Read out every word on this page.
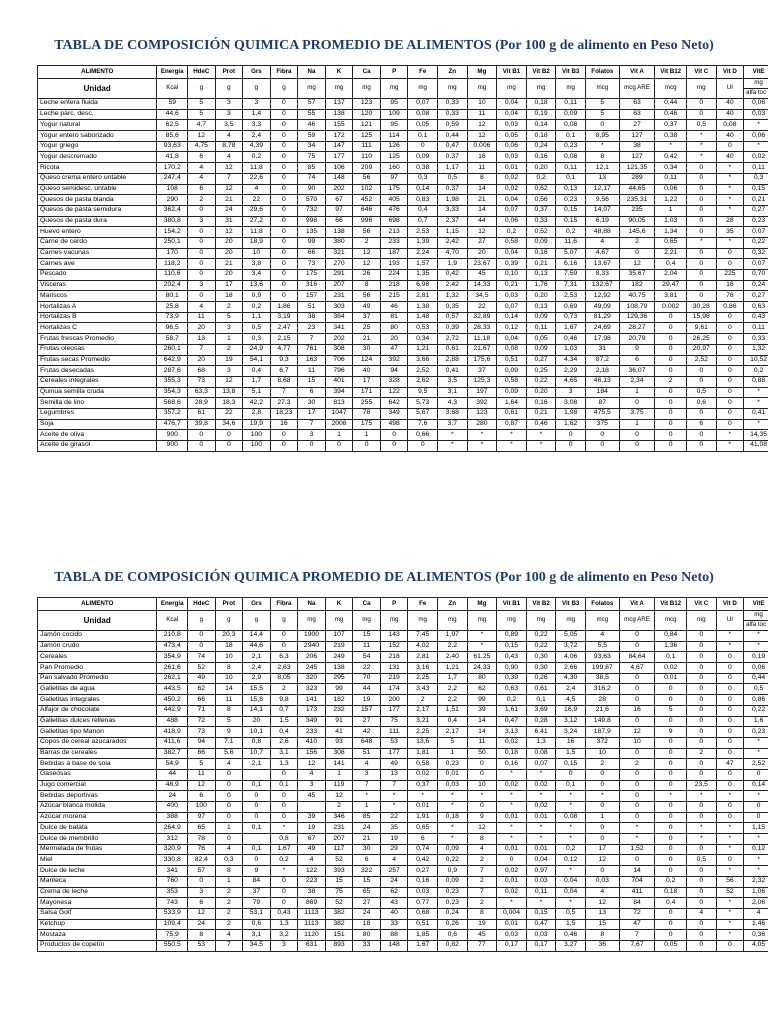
TABLA DE COMPOSICIÓN QUIMICA PROMEDIO DE ALIMENTOS (Por 100 g de alimento en Peso Neto)
ALIMENTO	Energía	HdeC	Prot	Grs	Fibra	Na	K	Ca	P	Fe	Zn	Mg	Vit B1	Vit B2	Vit B3	Folatos	Vit A	Vit B12	Vit C	Vit D	VitE
Unidad	Kcal	g	g	g	g	mg	mg	mg	mg	mg	mg	mg	mg	mg	mg	mcg	mcg ARE	mcg	mg	UI	mg
																					alfa toc
Leche entera fluida	59	5	3	3	0	57	137	123	95	0,07	0,33	10	0,04	0,18	0,11	5	63	0,44	0	40	0,06
Leche parc. desc.	44,6	5	3	1,4	0	55	138	120	109	0,08	0,33	11	0,04	0,19	0,09	5	63	0,46	0	40	0,03
Yogur natural	62,5	4,7	3,5	3,3	0	46	155	121	95	0,05	0,59	12	0,03	0,14	0,08	0	27	0,37	0,5	0,08	*
Yogur entero saborizado	85,6	12	4	2,4	0	59	172	125	114	0,1	0,44	12	0,05	0,18	0,1	8,95	127	0,38	*	40	0,06
Yogur griego	93,63	4,75	8,78	4,39	0	34	147	111	126	0	0,47	0,006	0,06	0,24	0,23	*	38	*	*	0	*
Yogur descremado	41,8	6	4	0,2	0	75	177	110	125	0,09	0,37	16	0,03	0,16	0,08	8	127	0,42	*	40	0,02
Ricota	170,2	4	12	11,8	0	85	106	209	160	0,38	1,17	11	0,01	0,20	0,11	12,1	121,35	0,34	0	*	0,11
Queso crema entero untable	247,4	4	7	22,6	0	74	148	56	97	0,3	0,5	8	0,02	0,2	0,1	13	289	0,11	0	*	0,3
Queso semidesc. untable	108	6	12	4	0	90	202	102	175	0,14	0,37	14	0,02	0,62	0,13	12,17	44,65	0,06	0	*	0,15
Quesos de pasta blanda	290	2	21	22	0	570	67	452	405	0,83	1,98	21	0,04	0,56	0,23	9,56	235,31	1,22	0	*	0,21
Quesos de pasta semidura	362,4	0	24	29,6	0	732	97	646	476	0,4	3,33	14	0,07	0,37	0,15	14,07	235	1	0	*	0,27
Quesos de pasta dura	380,8	3	31	27,2	0	998	66	996	698	0,7	2,37	44	0,06	0,33	0,15	6,19	90,05	1,03	0	28	0,23
Huevo entero	154,2	0	12	11,8	0	135	138	56	213	2,53	1,15	12	0,2	0,52	0,2	48,88	145,6	1,34	0	35	0,07
Carne de cerdo	250,1	0	20	18,9	0	99	380	2	233	1,39	2,42	27	0,58	0,09	11,6	4	2	0,65	*	*	0,22
Carnes vacunas	170	0	20	10	0	66	321	12	187	2,24	4,70	20	0,04	0,16	5,07	4,67	0	2,21	0	0	0,32
Carnes ave	118,2	0	21	3,8	0	73	270	12	193	1,57	1,9	23,67	0,39	0,21	6,16	13,67	12	0,4	0	0	0,07
Pescado	110,6	0	20	3,4	0	175	291	26	224	1,35	0,42	45	0,10	0,13	7,59	8,33	35,67	2,04	0	225	0,70
Visceras	202,4	3	17	13,6	0	316	207	8	218	6,98	2,42	14,33	0,21	1,76	7,31	132,67	182	29,47	0	16	0,24
Mariscos	80,1	0	18	0,9	0	157	231	56	215	2,81	1,32	34,5	0,03	0,20	2,53	12,92	40,75	3,81	0	76	0,27
Hortalizas A	25,8	4	2	0,2	1,86	51	303	49	46	1,38	0,35	22	0,07	0,13	0,69	49,09	108,79	0,002	30,28	0,86	0,63
Hortalizas B	73,9	11	5	1,1	3,19	38	364	37	81	1,48	0,57	32,89	0,14	0,09	0,73	81,29	129,36	0	15,98	0	0,43
Hortalizas C	96,5	20	3	0,5	2,47	23	341	25	80	0,53	0,39	28,33	0,12	0,11	1,67	24,69	28,27	0	9,61	0	0,11
Frutas frescas Promedio	58,7	13	1	0,3	2,15	7	202	21	20	0,34	2,72	11,18	0,04	0,05	0,46	17,98	20,79	0	26,25	0	0,33
Frutas oleosas	260,1	7	2	24,9	4,77	761	308	30	47	1,21	0,61	21,67	0,08	0,09	1,03	31	9	0	20,97	0	1,32
Frutas secas Promedio	642,9	20	19	54,1	9,3	163	706	124	392	3,66	2,88	175,6	0,51	0,27	4,34	87,2	6	0	2,52	0	10,52
Frutas desecadas	287,6	68	3	0,4	6,7	11	796	40	94	2,52	0,41	37	0,09	0,25	2,29	2,18	36,07	0	0	0	0,2
Cereales integrales	355,3	73	12	1,7	8,68	15	401	17	328	2,62	3,5	125,3	0,58	0,22	4,65	46,13	2,34	2	0	0	0,88
Quinua semilla cruda	354,3	63,3	13,8	5,1	7	6	394	171	122	9,5	3,1	197	0,09	0,20	3	184	1	0	0,5	0	*
Semilla de lino	568,6	28,9	18,3	42,2	27,3	30	813	255	642	5,73	4,3	392	1,64	0,16	3,08	87	0	0	0,6	0	*
Legumbres	357,2	61	22	2,8	18,23	17	1047	78	349	5,67	3,68	123	0,61	0,21	1,98	475,5	3,75	0	0	0	0,41
Soja	476,7	39,8	34,6	19,9	16	7	2008	175	498	7,6	3,7	280	0,87	0,46	1,62	375	1	0	6	0	*
Aceite de oliva	900	0	0	100	0	3	1	1	0	0,66	*	*	*	*	0	0	0	0	0	*	14,35
Aceite de girasol	900	0	0	100	0	0	0	0	0	0	*	*	*	*	0	0	0	0	0	*	41,08
TABLA DE COMPOSICIÓN QUIMICA PROMEDIO DE ALIMENTOS (Por 100 g de alimento en Peso Neto)
ALIMENTO	Energía	HdeC	Prot	Grs	Fibra	Na	K	Ca	P	Fe	Zn	Mg	Vit B1	Vit B2	Vit B3	Folatos	Vit A	Vit B12	Vit C	Vit D	VitE
Unidad	Kcal	g	g	g	g	mg	mg	mg	mg	mg	mg	mg	mg	mg	mg	mcg	mcg ARE	mcg	mg	UI	mg
																					alfa toc
Jamón cocido	210,8	0	20,3	14,4	0	1900	107	15	143	7,45	1,97	*	0,89	0,22	5,05	4	0	0,84	0	*	*
Jamón crudo	473,4	0	18	44,6	0	2940	219	11	152	4,02	2,2	*	0,15	0,22	3,72	5,5	0	1,36	0	*	*
Cereales	354,9	74	10	2,1	6,3	206	249	54	218	2,81	2,40	61,25	0,43	0,30	4,06	93,63	84,64	0,1	0	0	0,19
Pan Promedio	261,6	52	8	2,4	2,63	245	138	22	131	3,16	1,21	24,33	0,90	0,30	2,66	199,87	4,67	0,02	0	0	0,06
Pan salvado Promedio	262,1	49	10	2,9	8,05	320	295	70	219	2,25	1,7	80	0,39	0,26	4,30	38,5	0	0,01	0	0	0,44
Galletitas de agua	443,5	62	14	15,5	2	323	99	44	174	3,43	2,2	62	0,63	0,61	2,4	316,2	0	0	0	0	0,5
Galletitas integrales	450,2	66	11	15,8	9,8	141	182	19	200	2	2,2	99	0,2	0,1	4,5	28	0	0	0	0	0,86
Alfajor de chocolate	442,9	71	8	14,1	0,7	173	232	157	177	2,17	1,51	39	1,61	3,69	16,9	21,6	16	5	0	0	0,22
Galletitas dulces rellenas	488	72	5	20	1,5	349	91	27	75	3,21	0,4	14	0,47	0,28	3,12	149,8	0	0	0	0	1,6
Galletitas tipo Manon	418,9	73	9	10,1	0,4	233	41	42	111	2,25	2,17	14	3,13	6,41	3,24	187,9	12	9	0	0	0,23
Copos de cereal azucarados	411,6	94	7,1	0,8	2,6	410	93	648	53	13,6	5	11	0,02	1,3	16	372	10	0	0	0	*
Barras de cereales	382,7	66	5,6	10,7	3,1	156	308	51	177	1,81	1	50	0,18	0,08	1,5	10	0	0	2	0	*
Bebidas a base de soia	54,9	5	4	2,1	1,3	12	141	4	49	0,58	0,23	0	0,16	0,07	0,15	2	2	0	0	47	2,52
Gaseosas	44	11	0		0	4	1	3	13	0,02	0,01	0	*	*	0	0	0	0	0	0	0
Jugo comercial	48,9	12	0	0,1	0,1	3	119	7	7	0,37	0,03	10	0,02	0,02	0,1	0	0	0	23,5	0	0,14
Bebidas deportivas	24	6	0	0	0	45	12	*	*	*	*	*	*	*	*	*	0	*	*	*	*
Azúcar blanca molida	400	100	0	0	0		2	1	*	0,01	*	0	*	0,02	*	0	0	0	0	0	0
Azúcar morena	388	97	0	0	0	39	346	85	22	1,91	0,18	9	0,01	0,01	0,08	1	0	0	0	0	0
Dulce de batata	264,9	65	1	0,1	*	19	231	24	35	0,65	*	12	*	*	*	0	*	0	*	*	1,15
Dulce de membrillo	312	78	0		0,8	67	207	21	19	6	*	8	*	*	*	0	*	0	*	*	*
Mermelada de frutas	320,9	76	4	0,1	1,67	49	117	30	29	0,74	0,09	4	0,01	0,01	0,2	17	1,52	0	0	*	0,12
Miel	330,8	82,4	0,3	0	0,2	4	52	6	4	0,42	0,22	2	0	0,04	0,12	12	0	0	0,5	0	*
Dulce de leche	341	57	8	9	*	122	393	322	257	0,27	0,9	7	0,02	0,97	*	0	14	0	0	*	*
Manteca	760	0	1	84	0	223	15	15	24	0,16	0,09	2	0,01	0,03	0,04	0,03	704	0,2	0	56	2,32
Crema de leche	353	3	2	37	0	38	75	65	62	0,03	0,23	7	0,02	0,11	0,04	4	411	0,18	0	52	1,06
Mayonesa	743	6	2	79	0	869	52	27	43	0,77	0,23	2	*	*	*	12	84	0,4	0	*	2,06
Salsa Golf	533,9	12	2	53,1	0,43	1113	382	24	40	0,68	0,24	8	0,004	0,15	0,5	13	72	0	4	*	4
Ketchup	109,4	24	2	0,6	1,3	1113	382	18	33	0,51	0,26	19	0,01	0,47	1,5	15	47	0	0	*	1,46
Mostaza	75,9	8	4	3,1	3,2	1120	151	80	88	1,85	0,6	45	0,03	0,03	0,46	8	7	0	0	*	0,36
Productos de copetín	550,5	53	7	34,5	3	631	893	33	148	1,67	0,82	77	0,17	0,17	3,27	36	7,67	0,05	0	0	4,05
